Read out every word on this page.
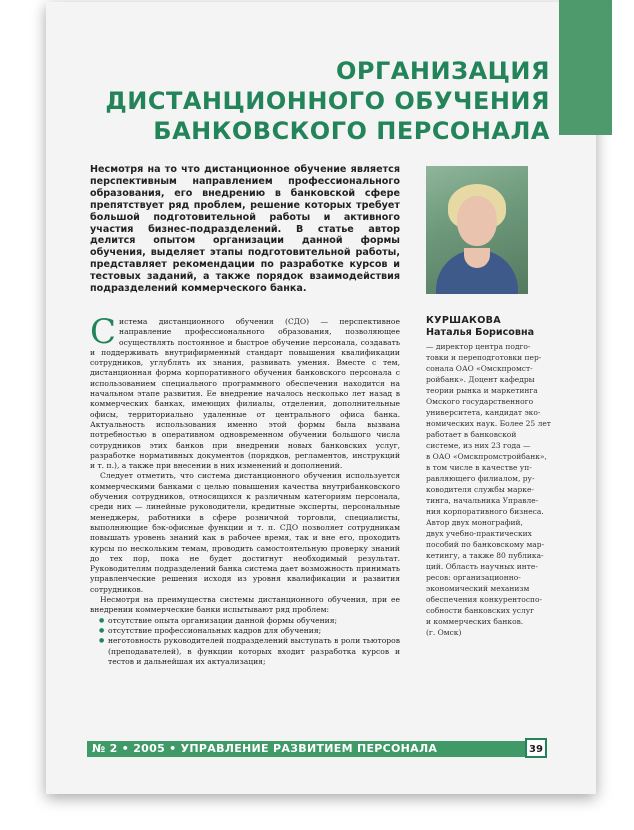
ОРГАНИЗАЦИЯ
ДИСТАНЦИОННОГО ОБУЧЕНИЯ
БАНКОВСКОГО ПЕРСОНАЛА

Несмотря на то что дистанционное обучение является перспективным направлением профессионального образования, его внедрению в банковской сфере препятствует ряд проблем, решение которых требует большой подготовительной работы и активного участия бизнес-подразделений. В статье автор делится опытом организации данной формы обучения, выделяет этапы подготовительной работы, представляет рекомендации по разработке курсов и тестовых заданий, а также порядок взаимодействия подразделений коммерческого банка.

КУРШАКОВА
Наталья Борисовна
— директор центра подго-
товки и переподготовки пер-
сонала ОАО «Омскпромст-
ройбанк». Доцент кафедры
теории рынка и маркетинга
Омского государственного
университета, кандидат эко-
номических наук. Более 25 лет
работает в банковской
системе, из них 23 года —
в ОАО «Омскпромстройбанк»,
в том числе в качестве уп-
равляющего филиалом, ру-
ководителя службы марке-
тинга, начальника Управле-
ния корпоративного бизнеса.
Автор двух монографий,
двух учебно-практических
пособий по банковскому мар-
кетингу, а также 80 публика-
ций. Область научных инте-
ресов: организационно-
экономический механизм
обеспечения конкурентоспо-
собности банковских услуг
и коммерческих банков.
(г. Омск)

Система дистанционного обучения (СДО) — перспективное направление профессионального образования, позволяющее осуществлять постоянное и быстрое обучение персонала, создавать и поддерживать внутрифирменный стандарт повышения квалификации сотрудников, углублять их знания, развивать умения. Вместе с тем, дистанционная форма корпоративного обучения банковского персонала с использованием специального программного обеспечения находится на начальном этапе развития. Ее внедрение началось несколько лет назад в коммерческих банках, имеющих филиалы, отделения, дополнительные офисы, территориально удаленные от центрального офиса банка. Актуальность использования именно этой формы была вызвана потребностью в оперативном одновременном обучении большого числа сотрудников этих банков при внедрении новых банковских услуг, разработке нормативных документов (порядков, регламентов, инструкций и т. п.), а также при внесении в них изменений и дополнений.

Следует отметить, что система дистанционного обучения используется коммерческими банками с целью повышения качества внутрибанковского обучения сотрудников, относящихся к различным категориям персонала, среди них — линейные руководители, кредитные эксперты, персональные менеджеры, работники в сфере розничной торговли, специалисты, выполняющие бэк-офисные функции и т. п. СДО позволяет сотрудникам повышать уровень знаний как в рабочее время, так и вне его, проходить курсы по нескольким темам, проводить самостоятельную проверку знаний до тех пор, пока не будет достигнут необходимый результат. Руководителям подразделений банка система дает возможность принимать управленческие решения исходя из уровня квалификации и развития сотрудников.

Несмотря на преимущества системы дистанционного обучения, при ее внедрении коммерческие банки испытывают ряд проблем:

● отсутствие опыта организации данной формы обучения;
● отсутствие профессиональных кадров для обучения;
● неготовность руководителей подразделений выступать в роли тьюторов (преподавателей), в функции которых входит разработка курсов и тестов и дальнейшая их актуализация;
№ 2 • 2005 • УПРАВЛЕНИЕ РАЗВИТИЕМ ПЕРСОНАЛА	39
